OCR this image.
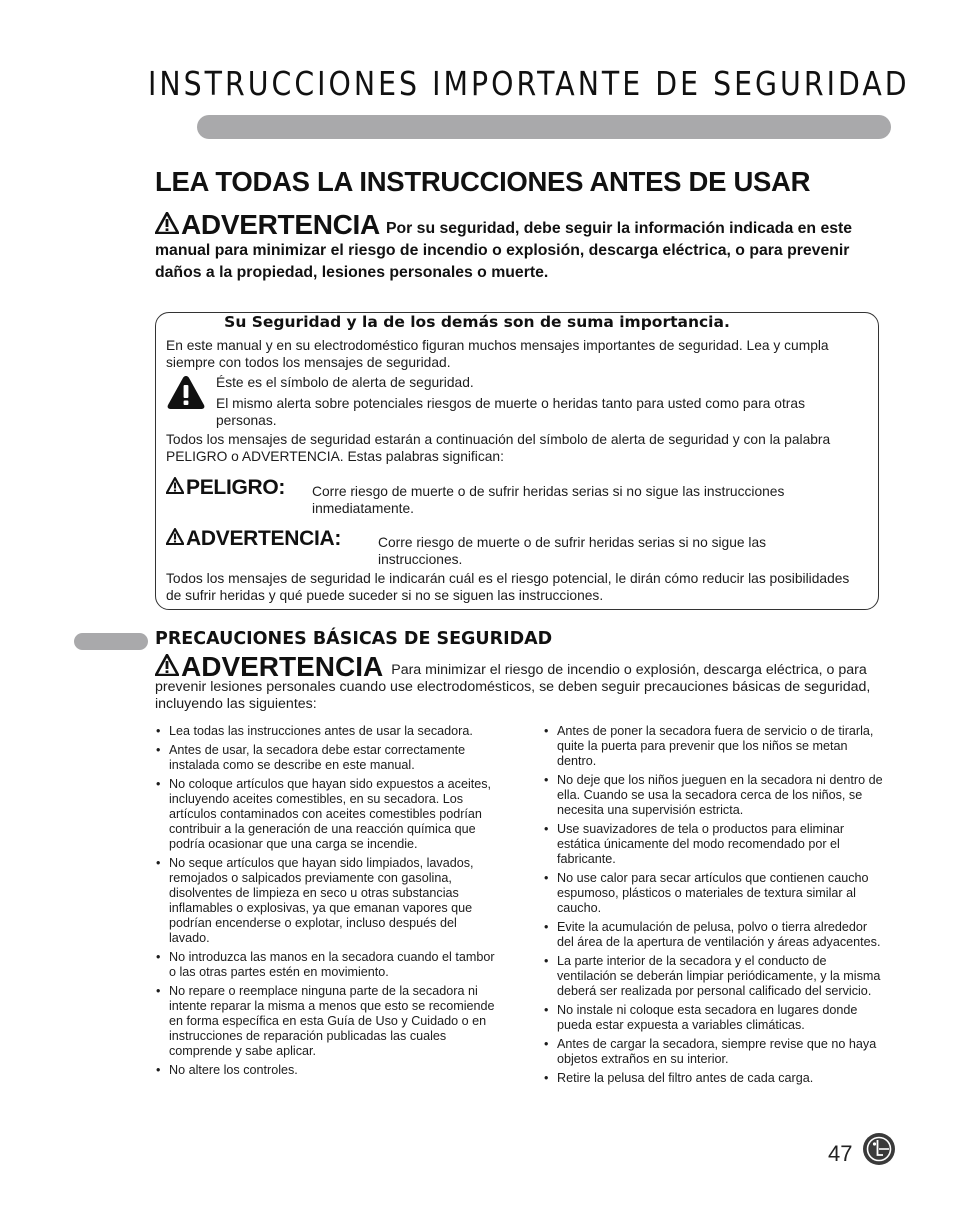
INSTRUCCIONES IMPORTANTE DE SEGURIDAD
LEA TODAS LA INSTRUCCIONES ANTES DE USAR
ADVERTENCIA Por su seguridad, debe seguir la información indicada en este manual para minimizar el riesgo de incendio o explosión, descarga eléctrica, o para prevenir daños a la propiedad, lesiones personales o muerte.
Su Seguridad y la de los demás son de suma importancia.
En este manual y en su electrodoméstico figuran muchos mensajes importantes de seguridad. Lea y cumpla siempre con todos los mensajes de seguridad.
Éste es el símbolo de alerta de seguridad.
El mismo alerta sobre potenciales riesgos de muerte o heridas tanto para usted como para otras personas.
Todos los mensajes de seguridad estarán a continuación del símbolo de alerta de seguridad y con la palabra PELIGRO o ADVERTENCIA. Estas palabras significan:
PELIGRO: Corre riesgo de muerte o de sufrir heridas serias si no sigue las instrucciones inmediatamente.
ADVERTENCIA:	Corre riesgo de muerte o de sufrir heridas serias si no sigue las instrucciones.
Todos los mensajes de seguridad le indicarán cuál es el riesgo potencial, le dirán cómo reducir las posibilidades de sufrir heridas y qué puede suceder si no se siguen las instrucciones.
PRECAUCIONES BÁSICAS DE SEGURIDAD
ADVERTENCIA Para minimizar el riesgo de incendio o explosión, descarga eléctrica, o para prevenir lesiones personales cuando use electrodomésticos, se deben seguir precauciones básicas de seguridad, incluyendo las siguientes:
• Lea todas las instrucciones antes de usar la secadora.
• Antes de usar, la secadora debe estar correctamente instalada como se describe en este manual.
• No coloque artículos que hayan sido expuestos a aceites, incluyendo aceites comestibles, en su secadora. Los artículos contaminados con aceites comestibles podrían contribuir a la generación de una reacción química que podría ocasionar que una carga se incendie.
• No seque artículos que hayan sido limpiados, lavados, remojados o salpicados previamente con gasolina, disolventes de limpieza en seco u otras substancias inflamables o explosivas, ya que emanan vapores que podrían encenderse o explotar, incluso después del lavado.
• No introduzca las manos en la secadora cuando el tambor o las otras partes estén en movimiento.
• No repare o reemplace ninguna parte de la secadora ni intente reparar la misma a menos que esto se recomiende en forma específica en esta Guía de Uso y Cuidado o en instrucciones de reparación publicadas las cuales comprende y sabe aplicar.
• No altere los controles.
• Antes de poner la secadora fuera de servicio o de tirarla, quite la puerta para prevenir que los niños se metan dentro.
• No deje que los niños jueguen en la secadora ni dentro de ella. Cuando se usa la secadora cerca de los niños, se necesita una supervisión estricta.
• Use suavizadores de tela o productos para eliminar estática únicamente del modo recomendado por el fabricante.
• No use calor para secar artículos que contienen caucho espumoso, plásticos o materiales de textura similar al caucho.
• Evite la acumulación de pelusa, polvo o tierra alrededor del área de la apertura de ventilación y áreas adyacentes.
• La parte interior de la secadora y el conducto de ventilación se deberán limpiar periódicamente, y la misma deberá ser realizada por personal calificado del servicio.
• No instale ni coloque esta secadora en lugares donde pueda estar expuesta a variables climáticas.
• Antes de cargar la secadora, siempre revise que no haya objetos extraños en su interior.
• Retire la pelusa del filtro antes de cada carga.
47
